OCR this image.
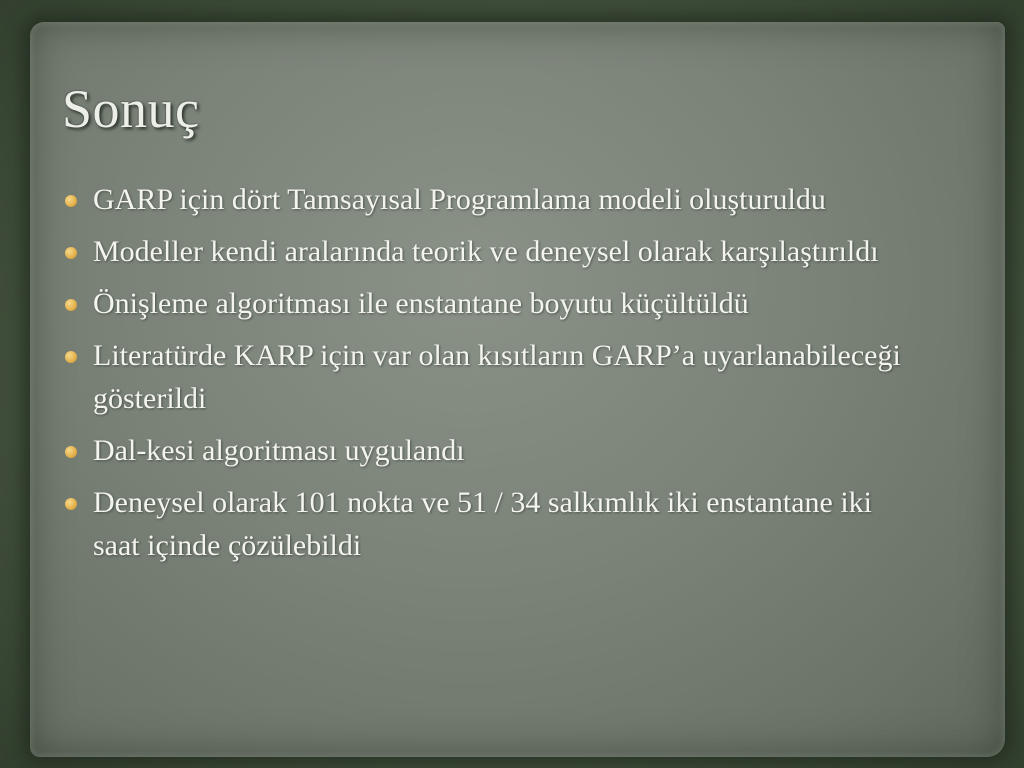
Sonuç
GARP için dört Tamsayısal Programlama modeli oluşturuldu
Modeller kendi aralarında teorik ve deneysel olarak karşılaştırıldı
Önişleme algoritması ile enstantane boyutu küçültüldü
Literatürde KARP için var olan kısıtların GARP’a uyarlanabileceği gösterildi
Dal-kesi algoritması uygulandı
Deneysel olarak 101 nokta ve 51 / 34 salkımlık iki enstantane iki saat içinde çözülebildi
